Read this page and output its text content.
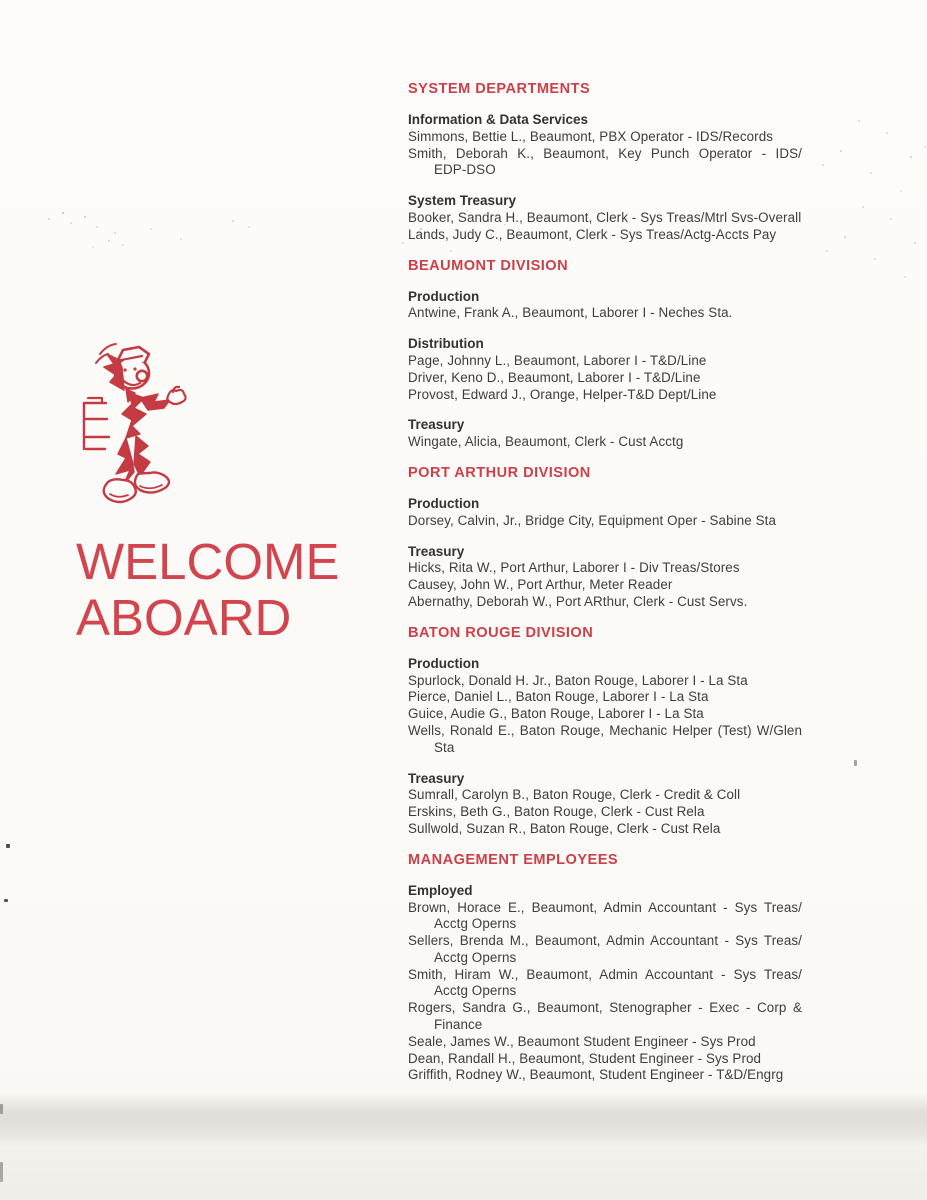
WELCOME
ABOARD
SYSTEM DEPARTMENTS
Information & Data Services

Simmons, Bettie L., Beaumont, PBX Operator - IDS/Records

Smith, Deborah K., Beaumont, Key Punch Operator - IDS/​EDP-⁠DSO

System Treasury

Booker, Sandra H., Beaumont, Clerk - Sys Treas/Mtrl Svs-​Overall

Lands, Judy C., Beaumont, Clerk - Sys Treas/Actg-⁠Accts Pay

BEAUMONT DIVISION
Production

Antwine, Frank A., Beaumont, Laborer I - Neches Sta.

Distribution

Page, Johnny L., Beaumont, Laborer I - T&D/Line

Driver, Keno D., Beaumont, Laborer I - T&D/Line

Provost, Edward J., Orange, Helper-T&D Dept/Line

Treasury

Wingate, Alicia, Beaumont, Clerk - Cust Acctg

PORT ARTHUR DIVISION
Production

Dorsey, Calvin, Jr., Bridge City, Equipment Oper - Sabine Sta

Treasury

Hicks, Rita W., Port Arthur, Laborer I - Div Treas/Stores

Causey, John W., Port Arthur, Meter Reader

Abernathy, Deborah W., Port ARthur, Clerk - Cust Servs.

BATON ROUGE DIVISION
Production

Spurlock, Donald H. Jr., Baton Rouge, Laborer I - La Sta

Pierce, Daniel L., Baton Rouge, Laborer I - La Sta

Guice, Audie G., Baton Rouge, Laborer I - La Sta

Wells, Ronald E., Baton Rouge, Mechanic Helper (Test) W/Glen Sta

Treasury

Sumrall, Carolyn B., Baton Rouge, Clerk - Credit & Coll

Erskins, Beth G., Baton Rouge, Clerk - Cust Rela

Sullwold, Suzan R., Baton Rouge, Clerk - Cust Rela

MANAGEMENT EMPLOYEES
Employed

Brown, Horace E., Beaumont, Admin Accountant - Sys Treas/​Acctg Operns

Sellers, Brenda M., Beaumont, Admin Accountant - Sys Treas/​Acctg Operns

Smith, Hiram W., Beaumont, Admin Accountant - Sys Treas/​Acctg Operns

Rogers, Sandra G., Beaumont, Stenographer - Exec - Corp & Finance

Seale, James W., Beaumont Student Engineer - Sys Prod

Dean, Randall H., Beaumont, Student Engineer - Sys Prod

Griffith, Rodney W., Beaumont, Student Engineer - T&D/​Engrg
